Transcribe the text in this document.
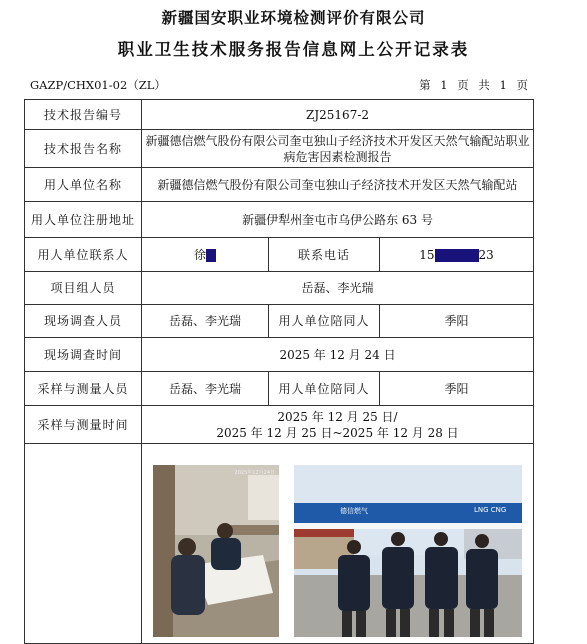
新疆国安职业环境检测评价有限公司
职业卫生技术服务报告信息网上公开记录表
GAZP/CHX01-02（ZL）	第 1 页 共 1 页
技术报告编号	ZJ25167-2		
技术报告名称	新疆德信燃气股份有限公司奎屯独山子经济技术开发区天然气输配站职业病危害因素检测报告		
用人单位名称	新疆德信燃气股份有限公司奎屯独山子经济技术开发区天然气输配站		
用人单位注册地址	新疆伊犁州奎屯市乌伊公路东 63 号		
用人单位联系人	徐	联系电话	15 23
项目组人员	岳磊、李光瑞		
现场调查人员	岳磊、李光瑞	用人单位陪同人	季阳
现场调查时间	2025 年 12 月 24 日		
采样与测量人员	岳磊、李光瑞	用人单位陪同人	季阳
采样与测量时间	2025 年 12 月 25 日/
2025 年 12 月 25 日~2025 年 12 月 28 日		

2025年12月24日
德信燃气	LNG CNG
